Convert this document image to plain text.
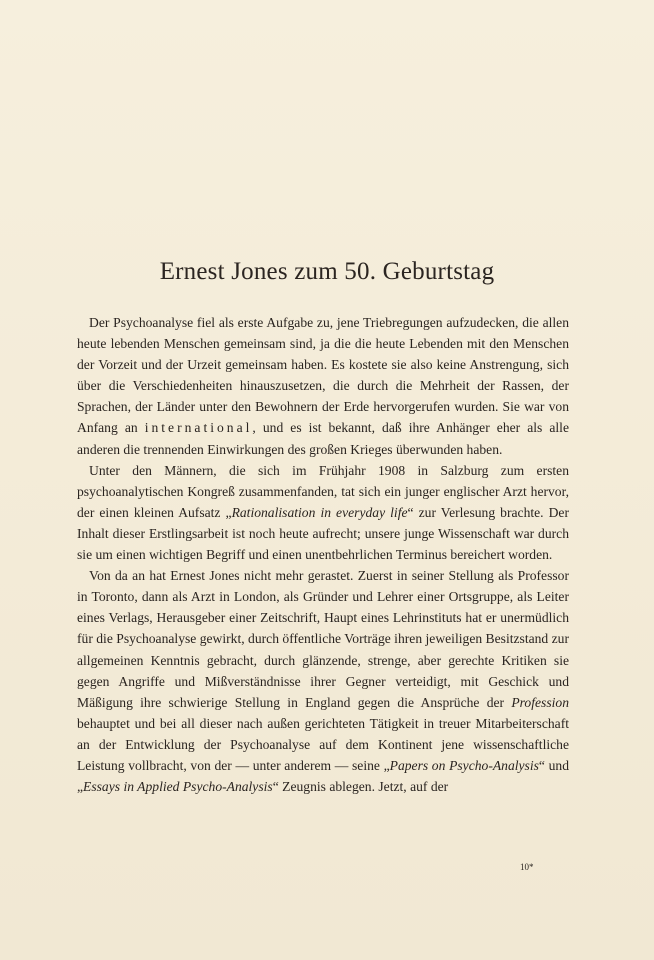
Ernest Jones zum 50. Geburtstag

Der Psychoanalyse fiel als erste Aufgabe zu, jene Triebregungen aufzudecken, die allen heute lebenden Menschen gemeinsam sind, ja die die heute Lebenden mit den Menschen der Vorzeit und der Urzeit gemeinsam haben. Es kostete sie also keine Anstrengung, sich über die Verschiedenheiten hinauszusetzen, die durch die Mehrheit der Rassen, der Sprachen, der Länder unter den Bewohnern der Erde hervorgerufen wurden. Sie war von Anfang an international, und es ist bekannt, daß ihre Anhänger eher als alle anderen die trennenden Einwirkungen des großen Krieges überwunden haben.

Unter den Männern, die sich im Frühjahr 1908 in Salzburg zum ersten psychoanalytischen Kongreß zusammenfanden, tat sich ein junger englischer Arzt hervor, der einen kleinen Aufsatz „Rationalisation in everyday life“ zur Verlesung brachte. Der Inhalt dieser Erstlingsarbeit ist noch heute aufrecht; unsere junge Wissenschaft war durch sie um einen wichtigen Begriff und einen unentbehrlichen Terminus bereichert worden.

Von da an hat Ernest Jones nicht mehr gerastet. Zuerst in seiner Stellung als Professor in Toronto, dann als Arzt in London, als Gründer und Lehrer einer Ortsgruppe, als Leiter eines Verlags, Herausgeber einer Zeitschrift, Haupt eines Lehrinstituts hat er unermüdlich für die Psychoanalyse gewirkt, durch öffentliche Vorträge ihren jeweiligen Besitzstand zur allgemeinen Kenntnis gebracht, durch glänzende, strenge, aber gerechte Kritiken sie gegen Angriffe und Mißverständnisse ihrer Gegner verteidigt, mit Geschick und Mäßigung ihre schwierige Stellung in England gegen die Ansprüche der Profession behauptet und bei all dieser nach außen gerichteten Tätigkeit in treuer Mitarbeiterschaft an der Entwicklung der Psychoanalyse auf dem Kontinent jene wissenschaftliche Leistung vollbracht, von der — unter anderem — seine „Papers on Psycho-Analysis“ und „Essays in Applied Psycho-Analysis“ Zeugnis ablegen. Jetzt, auf der

10*
